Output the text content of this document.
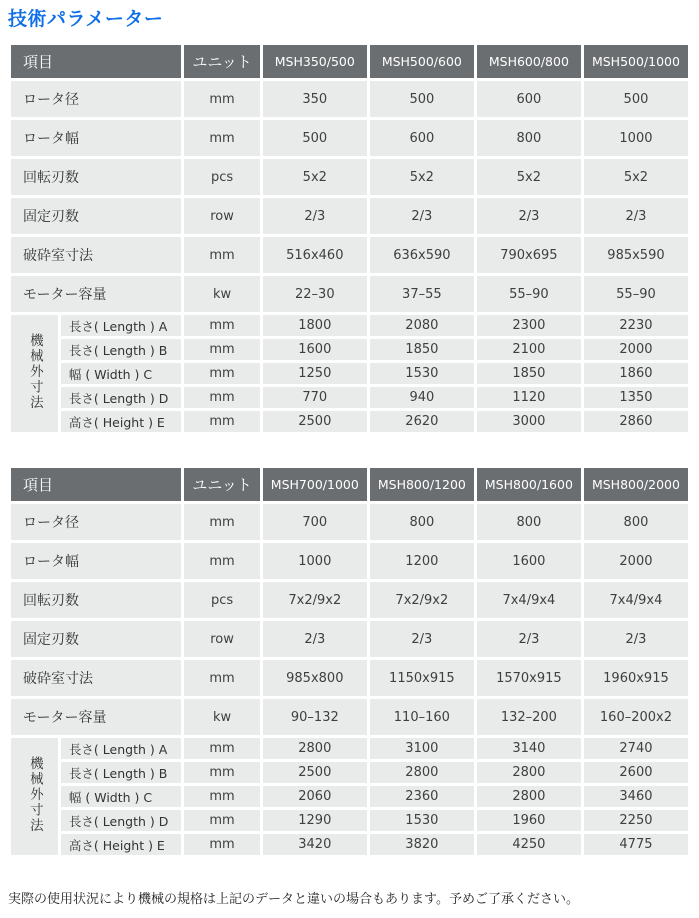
技術パラメーター
項目		ユニット	MSH350/500	MSH500/600	MSH600/800	MSH500/1000
ロータ径		mm	350	500	600	500
ロータ幅		mm	500	600	800	1000
回転刃数		pcs	5x2	5x2	5x2	5x2
固定刃数		row	2/3	2/3	2/3	2/3
破砕室寸法		mm	516x460	636x590	790x695	985x590
モーター容量		kw	22–30	37–55	55–90	55–90
機械外寸法	長さ( Length ) A	mm	1800	2080	2300	2230
	長さ( Length ) B	mm	1600	1850	2100	2000
	幅 ( Width ) C	mm	1250	1530	1850	1860
	長さ( Length ) D	mm	770	940	1120	1350
	高さ( Height ) E	mm	2500	2620	3000	2860
項目		ユニット	MSH700/1000	MSH800/1200	MSH800/1600	MSH800/2000
ロータ径		mm	700	800	800	800
ロータ幅		mm	1000	1200	1600	2000
回転刃数		pcs	7x2/9x2	7x2/9x2	7x4/9x4	7x4/9x4
固定刃数		row	2/3	2/3	2/3	2/3
破砕室寸法		mm	985x800	1150x915	1570x915	1960x915
モーター容量		kw	90–132	110–160	132–200	160–200x2
機械外寸法	長さ( Length ) A	mm	2800	3100	3140	2740
	長さ( Length ) B	mm	2500	2800	2800	2600
	幅 ( Width ) C	mm	2060	2360	2800	3460
	長さ( Length ) D	mm	1290	1530	1960	2250
	高さ( Height ) E	mm	3420	3820	4250	4775

実際の使用状況により機械の規格は上記のデータと違いの場合もあります。予めご了承ください。
